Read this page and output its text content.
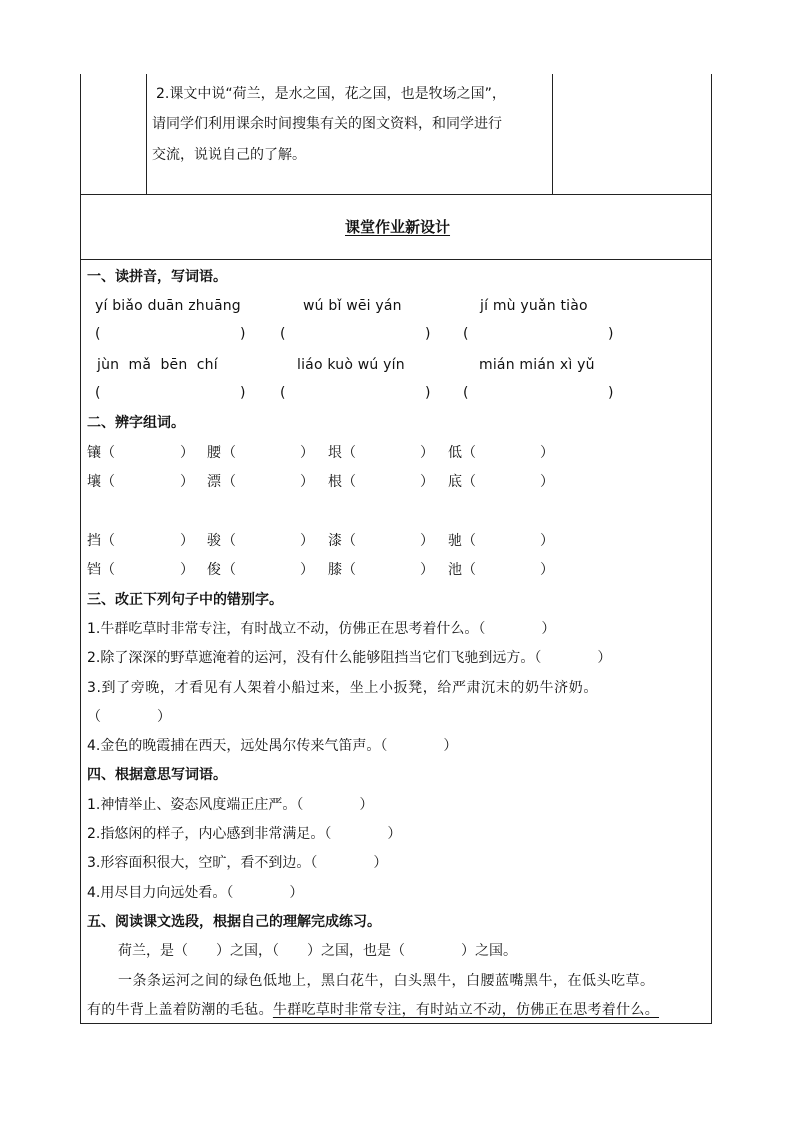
2.课文中说“荷兰，是水之国，花之国，也是牧场之国”，
请同学们利用课余时间搜集有关的图文资料，和同学进行
交流，说说自己的了解。
课堂作业新设计
一、读拼音，写词语。
yí biǎo duān zhuāng	wú bǐ wēi yán	jí mù yuǎn tiào
(	) (	) (	)
jùn  mǎ  bēn  chí	liáo kuò wú yín	mián mián xì yǔ
(	) (	) (	)
二、辨字组词。
镶 （	） 腰 （	） 垠 （	） 低 （	）
壤 （	） 漂 （	） 根 （	） 底 （	）
挡 （	） 骏 （	） 漆 （	） 驰 （	）
铛 （	） 俊 （	） 膝 （	） 池 （	）
三、改正下列句子中的错别字。
1.牛群吃草时非常专注，有时战立不动，仿佛正在思考着什么。（　　　　）
2.除了深深的野草遮淹着的运河，没有什么能够阻挡当它们飞驰到远方。（　　　　）
3.到了旁晚，才看见有人架着小船过来，坐上小扳凳，给严肃沉末的奶牛济奶。
（　　　　）
4.金色的晚霞捕在西天，远处禺尔传来气笛声。（　　　　）
四、根据意思写词语。
1.神情举止、姿态风度端正庄严。（　　　　）
2.指悠闲的样子，内心感到非常满足。（　　　　）
3.形容面积很大，空旷，看不到边。（　　　　）
4.用尽目力向远处看。（　　　　）
五、阅读课文选段，根据自己的理解完成练习。
荷兰，是（　　）之国，（　　）之国，也是（　　　　）之国。
一条条运河之间的绿色低地上，黑白花牛，白头黑牛，白腰蓝嘴黑牛，在低头吃草。
有的牛背上盖着防潮的毛毡。牛群吃草时非常专注，有时站立不动，仿佛正在思考着什么。
